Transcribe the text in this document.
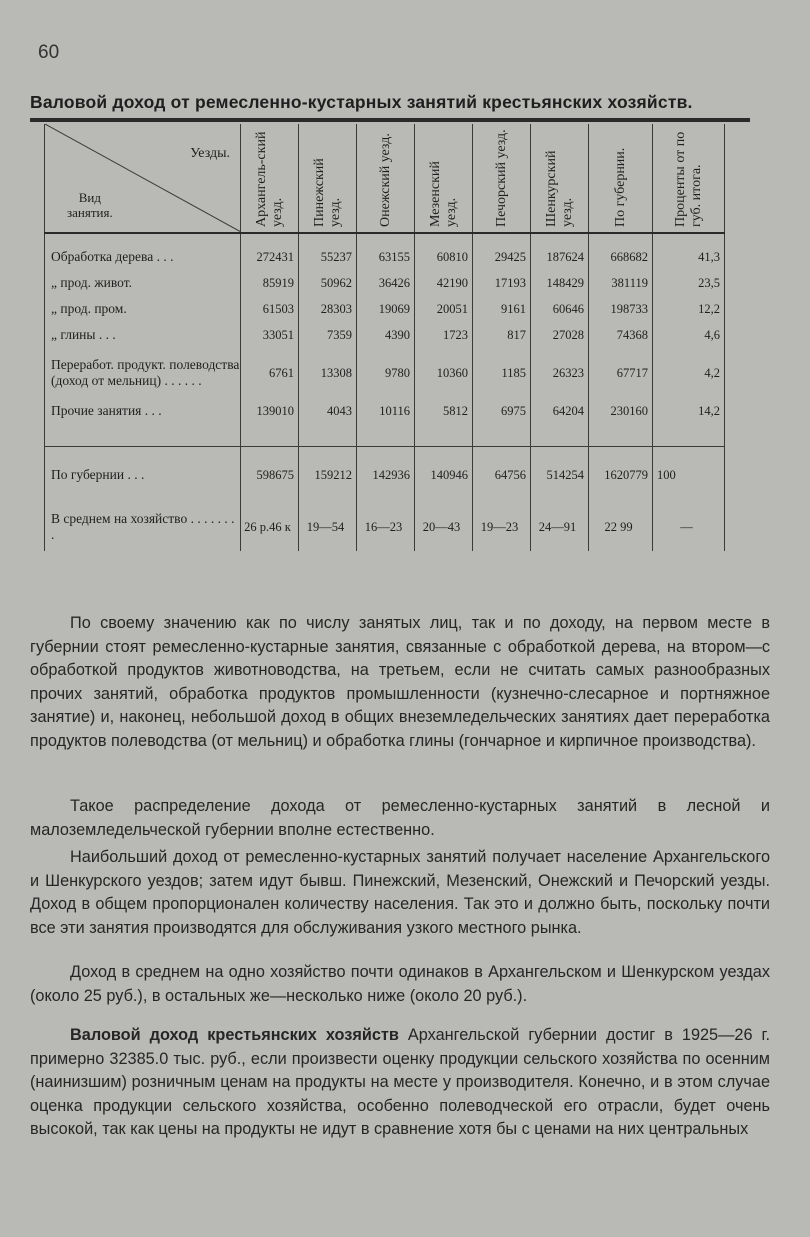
60
Валовой доход от ремесленно-кустарных занятий крестьянских хозяйств.
Уезды.
Вид
занятия.	Архангель-ский уезд.	Пинежский уезд.	Онежский уезд.	Мезенский уезд.	Печорский уезд.	Шенкурский уезд.	По губернии.	Проценты от по губ. итога.

Обработка дерева . . .	272431	55237	63155	60810	29425	187624	668682	41,3
„ прод. живот.	85919	50962	36426	42190	17193	148429	381119	23,5
„ прод. пром.	61503	28303	19069	20051	9161	60646	198733	12,2
„ глины . . .	33051	7359	4390	1723	817	27028	74368	4,6
Переработ. продукт. полеводства (доход от мельниц) . . . . . .	6761	13308	9780	10360	1185	26323	67717	4,2
Прочие занятия . . .	139010	4043	10116	5812	6975	64204	230160	14,2

По губернии . . .	598675	159212	142936	140946	64756	514254	1620779	100
В среднем на хозяйство . . . . . . . .	26 р.46 к	19—54	16—23	20—43	19—23	24—91	22 99	—

По своему значению как по числу занятых лиц, так и по доходу, на первом месте в губернии стоят ремесленно-кустарные занятия, связанные с обработкой дерева, на втором—с обработкой продуктов животноводства, на третьем, если не считать самых разнообразных прочих занятий, обработка продуктов промышленности (кузнечно-слесарное и портняжное занятие) и, наконец, небольшой доход в общих внеземледельческих занятиях дает переработка продуктов полеводства (от мельниц) и обработка глины (гончарное и кирпичное производства).

Такое распределение дохода от ремесленно-кустарных занятий в лесной и малоземледельческой губернии вполне естественно.

Наибольший доход от ремесленно-кустарных занятий получает население Архангельского и Шенкурского уездов; затем идут бывш. Пинежский, Мезенский, Онежский и Печорский уезды. Доход в общем пропорционален количеству населения. Так это и должно быть, поскольку почти все эти занятия производятся для обслуживания узкого местного рынка.

Доход в среднем на одно хозяйство почти одинаков в Архангельском и Шенкурском уездах (около 25 руб.), в остальных же—несколько ниже (около 20 руб.).

Валовой доход крестьянских хозяйств Архангельской губернии достиг в 1925—26 г. примерно 32385.0 тыс. руб., если произвести оценку продукции сельского хозяйства по осенним (наинизшим) розничным ценам на продукты на месте у производителя. Конечно, и в этом случае оценка продукции сельского хозяйства, особенно полеводческой его отрасли, будет очень высокой, так как цены на продукты не идут в сравнение хотя бы с ценами на них центральных
